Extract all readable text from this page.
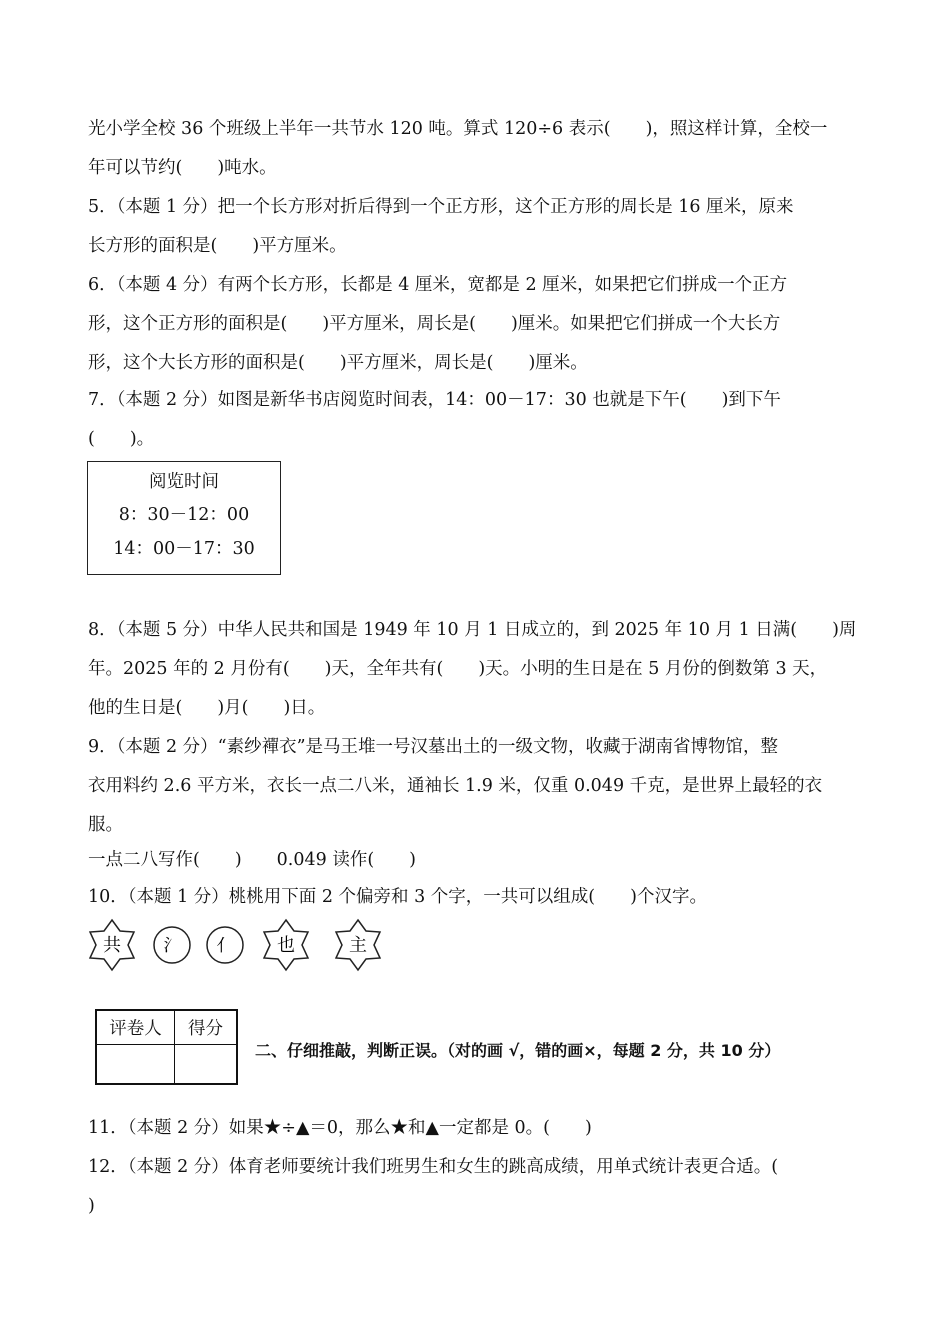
光小学全校 36 个班级上半年一共节水 120 吨。算式 120÷6 表示(　　)，照这样计算，全校一
年可以节约(　　)吨水。
5．（本题 1 分）把一个长方形对折后得到一个正方形，这个正方形的周长是 16 厘米，原来
长方形的面积是(　　)平方厘米。
6．（本题 4 分）有两个长方形，长都是 4 厘米，宽都是 2 厘米，如果把它们拼成一个正方
形，这个正方形的面积是(　　)平方厘米，周长是(　　)厘米。如果把它们拼成一个大长方
形，这个大长方形的面积是(　　)平方厘米，周长是(　　)厘米。
7．（本题 2 分）如图是新华书店阅览时间表，14：00－17：30 也就是下午(　　)到下午
(　　)。
阅览时间
8：30－12：00
14：00－17：30
8．（本题 5 分）中华人民共和国是 1949 年 10 月 1 日成立的，到 2025 年 10 月 1 日满(　　)周
年。2025 年的 2 月份有(　　)天，全年共有(　　)天。小明的生日是在 5 月份的倒数第 3 天，
他的生日是(　　)月(　　)日。
9．（本题 2 分）“素纱襌衣”是马王堆一号汉墓出土的一级文物，收藏于湖南省博物馆，整
衣用料约 2.6 平方米，衣长一点二八米，通袖长 1.9 米，仅重 0.049 千克，是世界上最轻的衣
服。
一点二八写作(　　)　　0.049 读作(　　)
10．（本题 1 分）桃桃用下面 2 个偏旁和 3 个字，一共可以组成(　　)个汉字。
共	氵 亻 也	主
评卷人	得分

二、仔细推敲，判断正误。（对的画 √，错的画×，每题 2 分，共 10 分）
11．（本题 2 分）如果★÷▲＝0，那么★和▲一定都是 0。(　　)
12．（本题 2 分）体育老师要统计我们班男生和女生的跳高成绩，用单式统计表更合适。(
)
